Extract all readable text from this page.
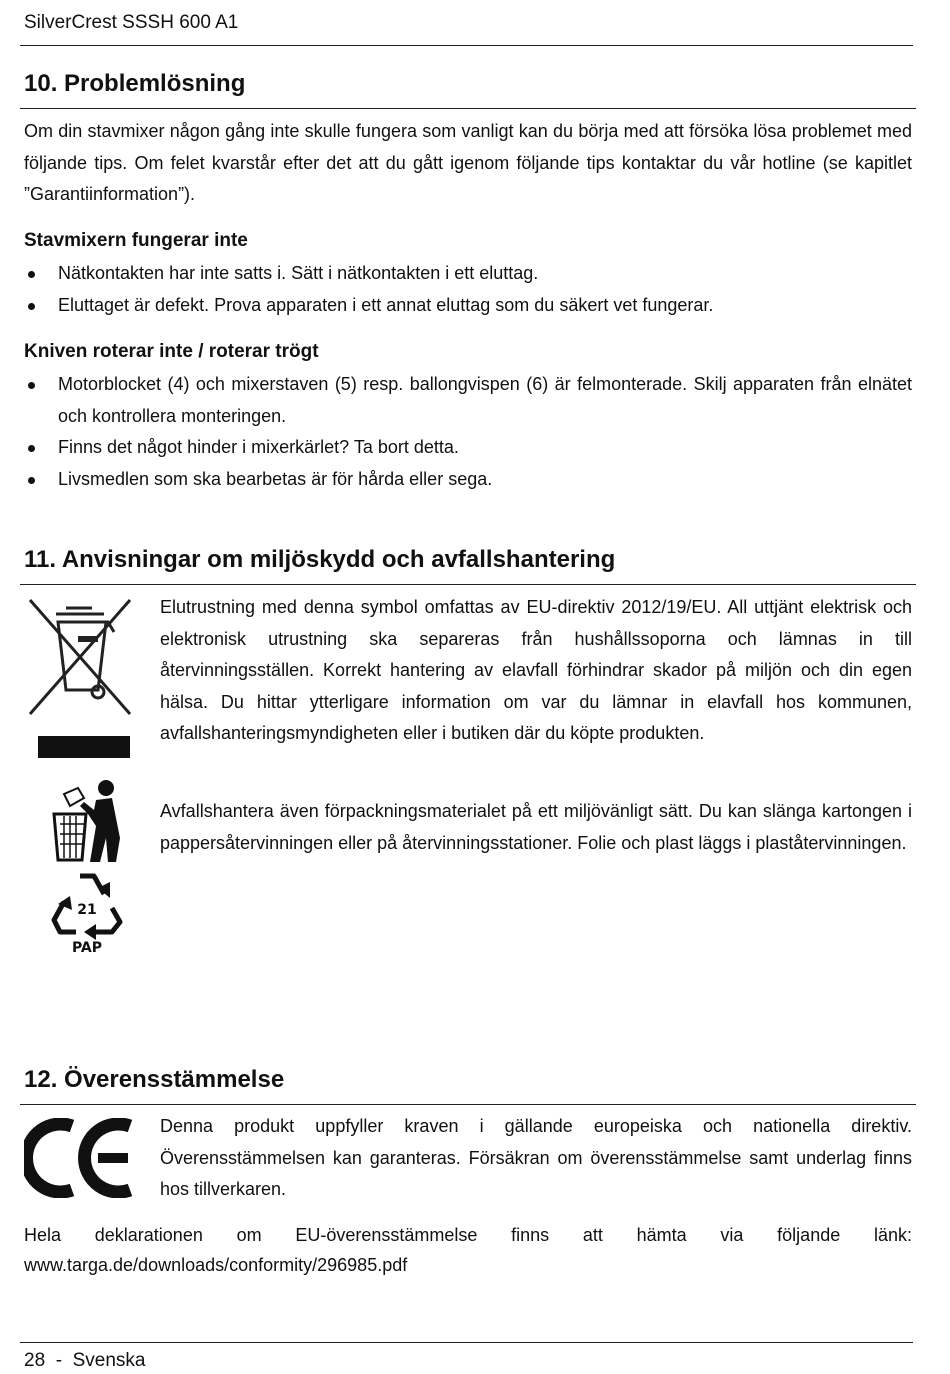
SilverCrest SSSH 600 A1
10. Problemlösning
Om din stavmixer någon gång inte skulle fungera som vanligt kan du börja med att försöka lösa problemet med följande tips. Om felet kvarstår efter det att du gått igenom följande tips kontaktar du vår hotline (se kapitlet ”Garantiinformation”).
Stavmixern fungerar inte
Nätkontakten har inte satts i. Sätt i nätkontakten i ett eluttag.
Eluttaget är defekt. Prova apparaten i ett annat eluttag som du säkert vet fungerar.
Kniven roterar inte / roterar trögt
Motorblocket (4) och mixerstaven (5) resp. ballongvispen (6) är felmonterade. Skilj apparaten från elnätet och kontrollera monteringen.
Finns det något hinder i mixerkärlet? Ta bort detta.
Livsmedlen som ska bearbetas är för hårda eller sega.
11. Anvisningar om miljöskydd och avfallshantering
Elutrustning med denna symbol omfattas av EU-direktiv 2012/19/EU. All uttjänt elektrisk och elektronisk utrustning ska separeras från hushållssoporna och lämnas in till återvinningsställen. Korrekt hantering av elavfall förhindrar skador på miljön och din egen hälsa. Du hittar ytterligare information om var du lämnar in elavfall hos kommunen, avfallshanteringsmyndigheten eller i butiken där du köpte produkten.
Avfallshantera även förpackningsmaterialet på ett miljövänligt sätt. Du kan slänga kartongen i pappersåtervinningen eller på återvinningsstationer. Folie och plast läggs i plaståtervinningen.
21
PAP
12. Överensstämmelse
Denna produkt uppfyller kraven i gällande europeiska och nationella direktiv. Överensstämmelsen kan garanteras. Försäkran om överensstämmelse samt underlag finns hos tillverkaren.
Hela deklarationen om EU-överensstämmelse finns att hämta via följande länk:
www.targa.de/downloads/conformity/296985.pdf
28  -  Svenska
